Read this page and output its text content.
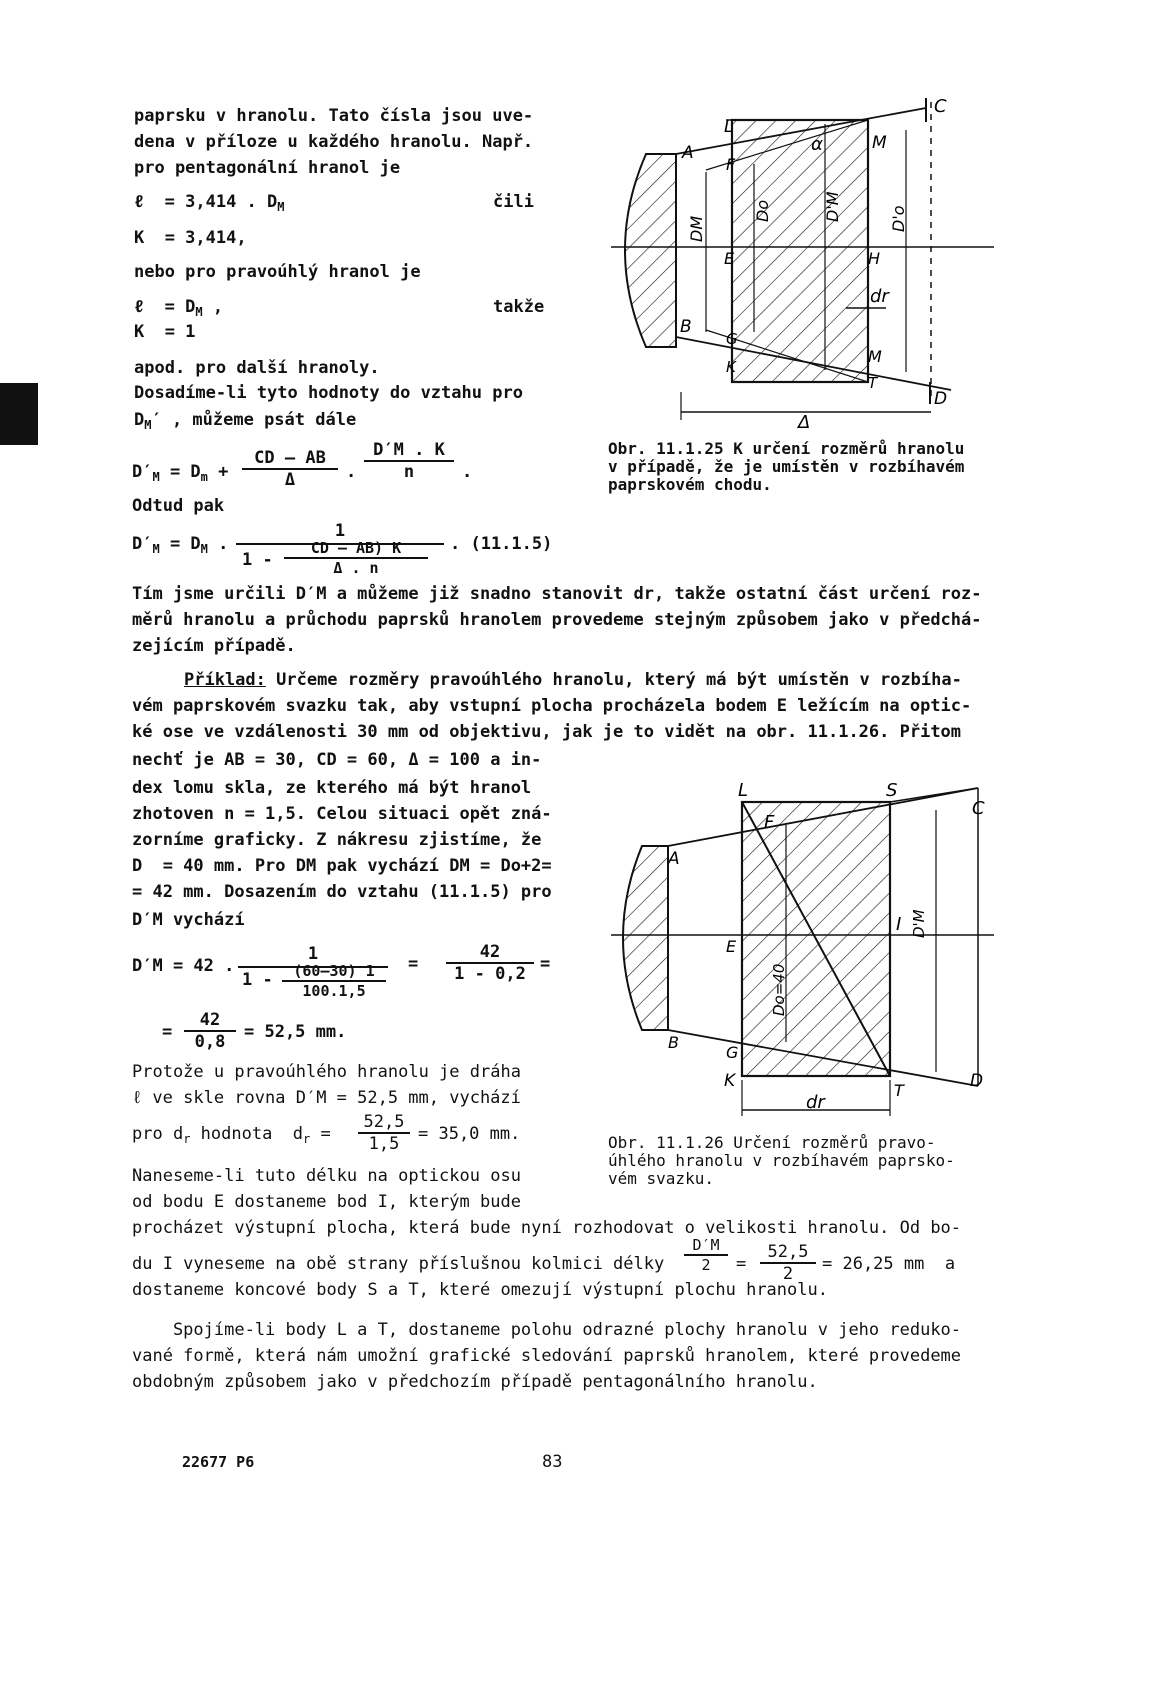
paprsku v hranolu. Tato čísla jsou uve-
dena v příloze u každého hranolu. Např.
pro pentagonální hranol je
ℓ  = 3,414 . $D_M$	čili
K  = 3,414,
nebo pro pravoúhlý hranol je
ℓ  = $D_M$ ,	takže
K  = 1
apod. pro další hranoly.
Dosadíme-li tyto hodnoty do vztahu pro
$D_M'$ , můžeme psát dále
$D'_M = D_m + \frac{CD - AB}{\Delta}$ . $\frac{D'M . K}{n}$ .
Odtud pak
$D'_M = D_M$ .
1
$1 - \frac{CD - AB) K}{\Delta . n}$ . (11.1.5)
C
L
A
F
α	M
DM
Do	D'M	D'o
E	H
dr
B
G
K
M
T
D
Δ
Obr. 11.1.25 K určení rozměrů hranolu
v případě, že je umístěn v rozbíhavém
paprskovém chodu.
Tím jsme určili D′M a můžeme již snadno stanovit dr, takže ostatní část určení roz-
měrů hranolu a průchodu paprsků hranolem provedeme stejným způsobem jako v předchá-
zejícím případě.
Příklad: Určeme rozměry pravoúhlého hranolu, který má být umístěn v rozbíha-
vém paprskovém svazku tak, aby vstupní plocha procházela bodem E ležícím na optic-
ké ose ve vzdálenosti 30 mm od objektivu, jak je to vidět na obr. 11.1.26. Přitom
nechť je AB = 30, CD = 60, Δ = 100 a in-
dex lomu skla, ze kterého má být hranol
zhotoven n = 1,5. Celou situaci opět zná-
zorníme graficky. Z nákresu zjistíme, že
D  = 40 mm. Pro DM pak vychází DM = Do+2=
= 42 mm. Dosazením do vztahu (11.1.5) pro
D′M vychází
D′M = 42 .
1
$1 - \frac{(60-30) 1}{100.1,5} = \frac{42}{1 - 0,2}$ =
= $\frac{42}{0,8} = 52,5$ mm.
Protože u pravoúhlého hranolu je dráha
ℓ ve skle rovna D′M = 52,5 mm, vychází
pro $d_r$ hodnota  $d_r = \frac{52,5}{1,5} = 35,0$ mm.
Naneseme-li tuto délku na optickou osu
od bodu E dostaneme bod I, kterým bude
L	S
C
F
A
I D'M
E
Do=40
G
B
K	T	D
dr
Obr. 11.1.26 Určení rozměrů pravo-
úhlého hranolu v rozbíhavém paprsko-
vém svazku.
procházet výstupní plocha, která bude nyní rozhodovat o velikosti hranolu. Od bo-
du I vyneseme na obě strany příslušnou kolmici délky $\frac{D'M}{2} = \frac{52,5}{2} = 26,25$ mm  a
dostaneme koncové body S a T, které omezují výstupní plochu hranolu.
Spojíme-li body L a T, dostaneme polohu odrazné plochy hranolu v jeho reduko-
vané formě, která nám umožní grafické sledování paprsků hranolem, které provedeme
obdobným způsobem jako v předchozím případě pentagonálního hranolu.
22677 P6	83
